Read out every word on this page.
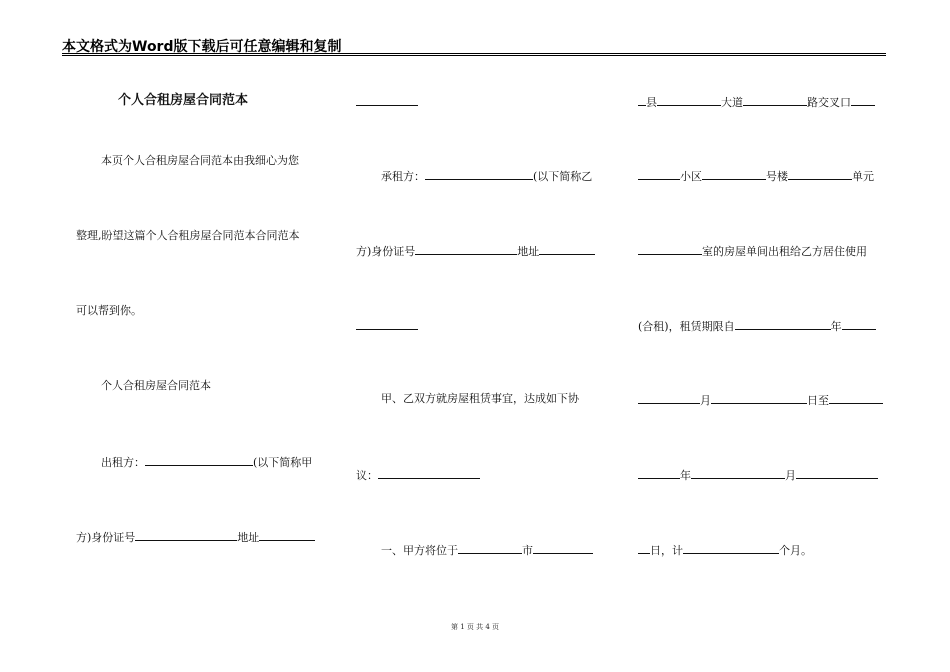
本文格式为Word版下载后可任意编辑和复制
个人合租房屋合同范本
本页个人合租房屋合同范本由我细心为您
整理,盼望这篇个人合租房屋合同范本合同范本
可以帮到你。
个人合租房屋合同范本
出租方：	(以下简称甲
方)身份证号	地址
承租方：	(以下简称乙
方)身份证号	地址
甲、乙双方就房屋租赁事宜，达成如下协
议：
一、甲方将位于	市
县	大道	路交叉口
小区	号楼	单元
室的房屋单间出租给乙方居住使用
(合租)，租赁期限自	年
月	日至
年	月
日，计	个月。
第 1 页 共 4 页
